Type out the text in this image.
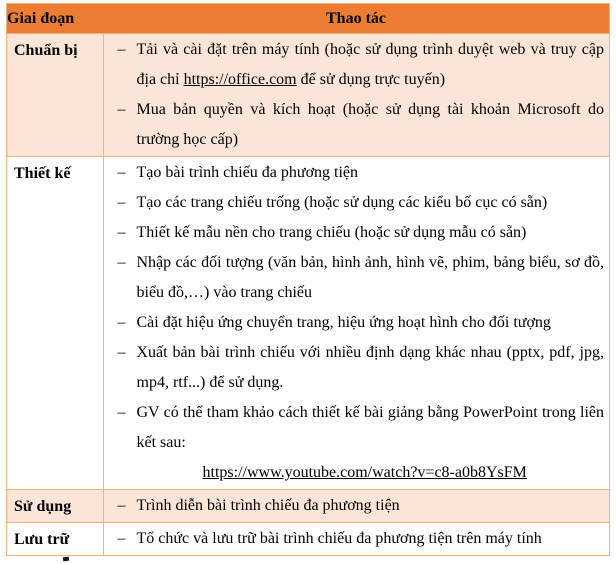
Giai đoạn	Thao tác
Chuẩn bị	– Tải và cài đặt trên máy tính (hoặc sử dụng trình duyệt web và truy cập địa chỉ https://office.com để sử dụng trực tuyến)
– Mua bản quyền và kích hoạt (hoặc sử dụng tài khoản Microsoft do trường học cấp)

Thiết kế	– Tạo bài trình chiếu đa phương tiện
– Tạo các trang chiếu trống (hoặc sử dụng các kiểu bố cục có sẵn)
– Thiết kế mẫu nền cho trang chiếu (hoặc sử dụng mẫu có sẵn)
– Nhập các đối tượng (văn bản, hình ảnh, hình vẽ, phim, bảng biểu, sơ đồ, biểu đồ,…) vào trang chiếu
– Cài đặt hiệu ứng chuyển trang, hiệu ứng hoạt hình cho đối tượng
– Xuất bản bài trình chiếu với nhiều định dạng khác nhau (pptx, pdf, jpg, mp4, rtf...) để sử dụng.
– GV có thể tham khảo cách thiết kế bài giảng bằng PowerPoint trong liên kết sau:
https://www.youtube.com/watch?v=c8-a0b8YsFM

Sử dụng	– Trình diễn bài trình chiếu đa phương tiện

Lưu trữ	– Tổ chức và lưu trữ bài trình chiếu đa phương tiện trên máy tính
